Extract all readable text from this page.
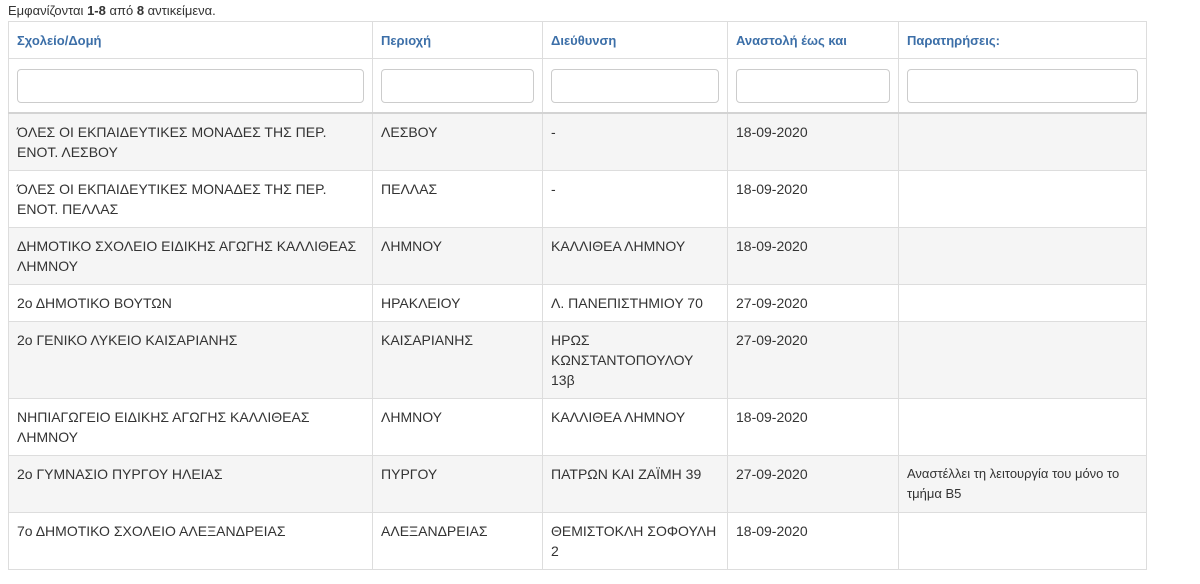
Εμφανίζονται 1-8 από 8 αντικείμενα.
Σχολείο/Δομή	Περιοχή	Διεύθυνση	Αναστολή έως και	Παρατηρήσεις:

ΌΛΕΣ ΟΙ ΕΚΠΑΙΔΕΥΤΙΚΕΣ ΜΟΝΑΔΕΣ ΤΗΣ ΠΕΡ. ΕΝΟΤ. ΛΕΣΒΟΥ	ΛΕΣΒΟΥ	-	18-09-2020	
ΌΛΕΣ ΟΙ ΕΚΠΑΙΔΕΥΤΙΚΕΣ ΜΟΝΑΔΕΣ ΤΗΣ ΠΕΡ. ΕΝΟΤ. ΠΕΛΛΑΣ	ΠΕΛΛΑΣ	-	18-09-2020	
ΔΗΜΟΤΙΚΟ ΣΧΟΛΕΙΟ ΕΙΔΙΚΗΣ ΑΓΩΓΗΣ ΚΑΛΛΙΘΕΑΣ ΛΗΜΝΟΥ	ΛΗΜΝΟΥ	ΚΑΛΛΙΘΕΑ ΛΗΜΝΟΥ	18-09-2020	
2ο ΔΗΜΟΤΙΚΟ ΒΟΥΤΩΝ	ΗΡΑΚΛΕΙΟΥ	Λ. ΠΑΝΕΠΙΣΤΗΜΙΟΥ 70	27-09-2020	
2ο ΓΕΝΙΚΟ ΛΥΚΕΙΟ ΚΑΙΣΑΡΙΑΝΗΣ	ΚΑΙΣΑΡΙΑΝΗΣ	ΗΡΩΣ ΚΩΝΣΤΑΝΤΟΠΟΥΛΟΥ 13β	27-09-2020	
ΝΗΠΙΑΓΩΓΕΙΟ ΕΙΔΙΚΗΣ ΑΓΩΓΗΣ ΚΑΛΛΙΘΕΑΣ ΛΗΜΝΟΥ	ΛΗΜΝΟΥ	ΚΑΛΛΙΘΕΑ ΛΗΜΝΟΥ	18-09-2020	
2ο ΓΥΜΝΑΣΙΟ ΠΥΡΓΟΥ ΗΛΕΙΑΣ	ΠΥΡΓΟΥ	ΠΑΤΡΩΝ ΚΑΙ ΖΑΪΜΗ 39	27-09-2020	Αναστέλλει τη λειτουργία του μόνο το τμήμα Β5
7ο ΔΗΜΟΤΙΚΟ ΣΧΟΛΕΙΟ ΑΛΕΞΑΝΔΡΕΙΑΣ	ΑΛΕΞΑΝΔΡΕΙΑΣ	ΘΕΜΙΣΤΟΚΛΗ ΣΟΦΟΥΛΗ 2	18-09-2020	
